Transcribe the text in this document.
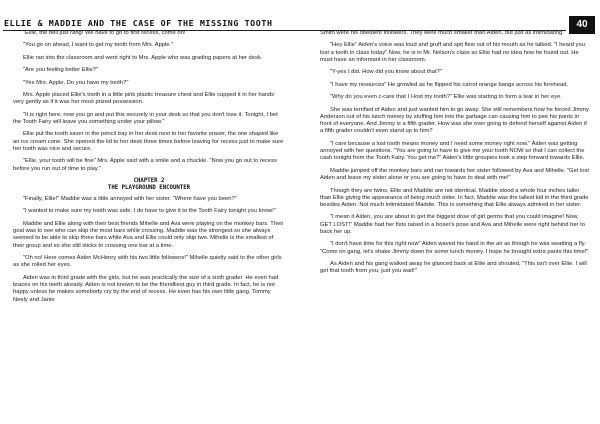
ELLIE & MADDIE AND THE CASE OF THE MISSING TOOTH	40

"Ellie, the bell just rang! We have to go to first recess, come on!"

"You go on ahead, I want to get my tooth from Mrs. Apple."

Ellie ran into the classroom and went right to Mrs. Apple who was grading papers at her desk.

"Are you feeling better Ellie?"

"Yes Mrs. Apple. Do you have my tooth?"

Mrs. Apple placed Ellie's tooth in a little pink plastic treasure chest and Ellie cupped it in her hands very gently as if it was her most prized possession.

"It is right here, now you go and put this securely in your desk so that you don't lose it. Tonight, I bet the Tooth Fairy will leave you something under your pillow."

Ellie put the tooth saver in the pencil tray in her desk next to her favorite eraser, the one shaped like an ice cream cone. She opened the lid to her desk three times before leaving for recess just to make sure her tooth was nice and secure.

"Ellie, your tooth will be fine" Mrs. Apple said with a smile and a chuckle. "Now you go out to recess before you run out of time to play."

CHAPTER 2
THE PLAYGROUND ENCOUNTER

"Finally, Ellie!" Maddie was a little annoyed with her sister. "Where have you been?"

"I wanted to make sure my tooth was safe. I do have to give it to the Tooth Fairy tonight you know!"

Maddie and Ellie along with their best friends Mihelle and Ava were playing on the monkey bars. Their goal was to see who can skip the most bars while crossing. Maddie was the strongest so she always seemed to be able to skip three bars while Ava and Ellie could only skip two. Mihelle is the smallest of their group and so she still sticks to crossing one bar at a time.

"Oh no! Here comes Aiden McHenry with his two little followers!" Mihelle quietly said to the other girls as she rolled her eyes.

Aiden was in third grade with the girls, but he was practically the size of a sixth grader. He even had braces on his teeth already. Aiden is not known to be the friendliest guy in third grade. In fact, he is not happy unless he makes somebody cry by the end of recess. He even has his own little gang. Tommy Neely and Janie

Smith were his obedient followers. They were much smaller than Aiden, but just as intimidating.

"Hey Ellie" Aiden's voice was loud and gruff and spit flew out of his mouth as he talked. "I heard you lost a tooth in class today" Now, he is in Mr. Nelson's class so Ellie had no idea how he found out. He must have an informant in her classroom.

"Y-yes I did. How did you know about that?"

"I have my resources" He growled as he flipped his carrot orange bangs across his forehead.

"Why do you even c-care that I l-lost my tooth?" Ellie was starting to form a tear in her eye.

She was terrified of Aiden and just wanted him to go away. She still remembers how he forced Jimmy Anderson out of his lunch money by stuffing him into the garbage can causing him to pee his pants in front of everyone. And Jimmy is a fifth grader. How was she ever going to defend herself against Aiden if a fifth grader couldn't even stand up to him?

"I care because a lost tooth means money and I need some money right now." Aiden was getting annoyed with her questions. "You are going to have to give me your tooth NOW so that I can collect the cash tonight from the Tooth Fairy. You get me?" Aiden's little groupies took a step forward towards Ellie.

Maddie jumped off the monkey bars and ran towards her sister followed by Ava and Mihelle. "Get lost Aiden and leave my sister alone or you are going to have to deal with me!"

Though they are twins, Ellie and Maddie are not identical. Maddie stood a whole four inches taller than Ellie giving the appearance of being much older. In fact, Maddie was the tallest kid in the third grade besides Aiden. Not much intimidated Maddie. This is something that Ellie always admired in her sister.

"I mean it Aiden, you are about to get the biggest dose of girl germs that you could imagine! Now, GET LOST!" Maddie had her fists raised in a boxer's pose and Ava and Mihelle were right behind her to back her up.

"I don't have time for this right now" Aiden waved his hand in the air as though he was swatting a fly. "Come on gang, let's shake Jimmy down for some lunch money. I hope he brought extra pants this time!"

As Aiden and his gang walked away he glanced back at Ellie and shouted, "This isn't over Ellie. I will get that tooth from you, just you wait!"
